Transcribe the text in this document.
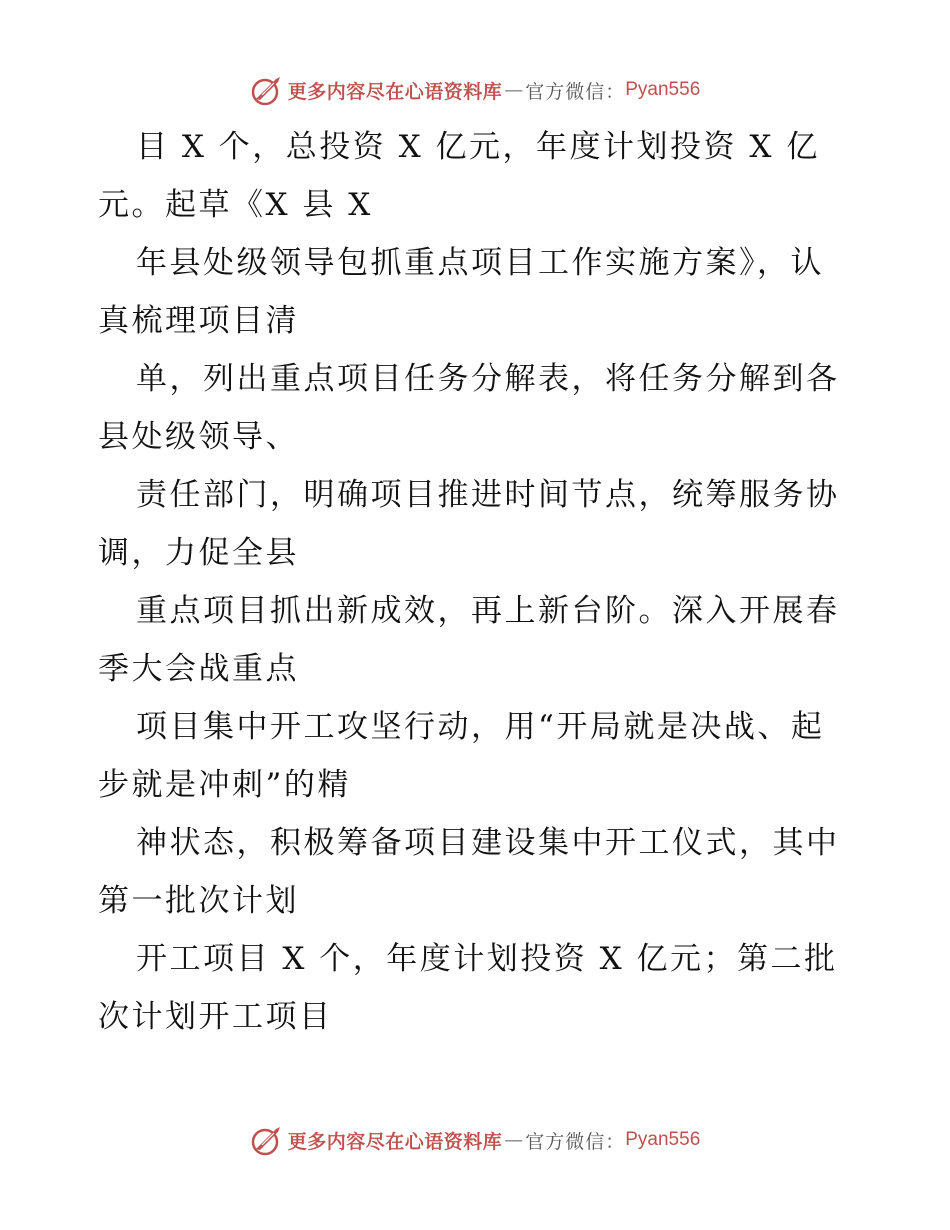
更多内容尽在心语资料库 — 官方微信： Pyan556
目 X 个，总投资 X 亿元，年度计划投资 X 亿
元。起草《X 县 X
年县处级领导包抓重点项目工作实施方案》，认
真梳理项目清
单，列出重点项目任务分解表，将任务分解到各
县处级领导、
责任部门，明确项目推进时间节点，统筹服务协
调，力促全县
重点项目抓出新成效，再上新台阶。深入开展春
季大会战重点
项目集中开工攻坚行动，用“开局就是决战、起
步就是冲刺”的精
神状态，积极筹备项目建设集中开工仪式，其中
第一批次计划
开工项目 X 个，年度计划投资 X 亿元；第二批
次计划开工项目
更多内容尽在心语资料库 — 官方微信： Pyan556
